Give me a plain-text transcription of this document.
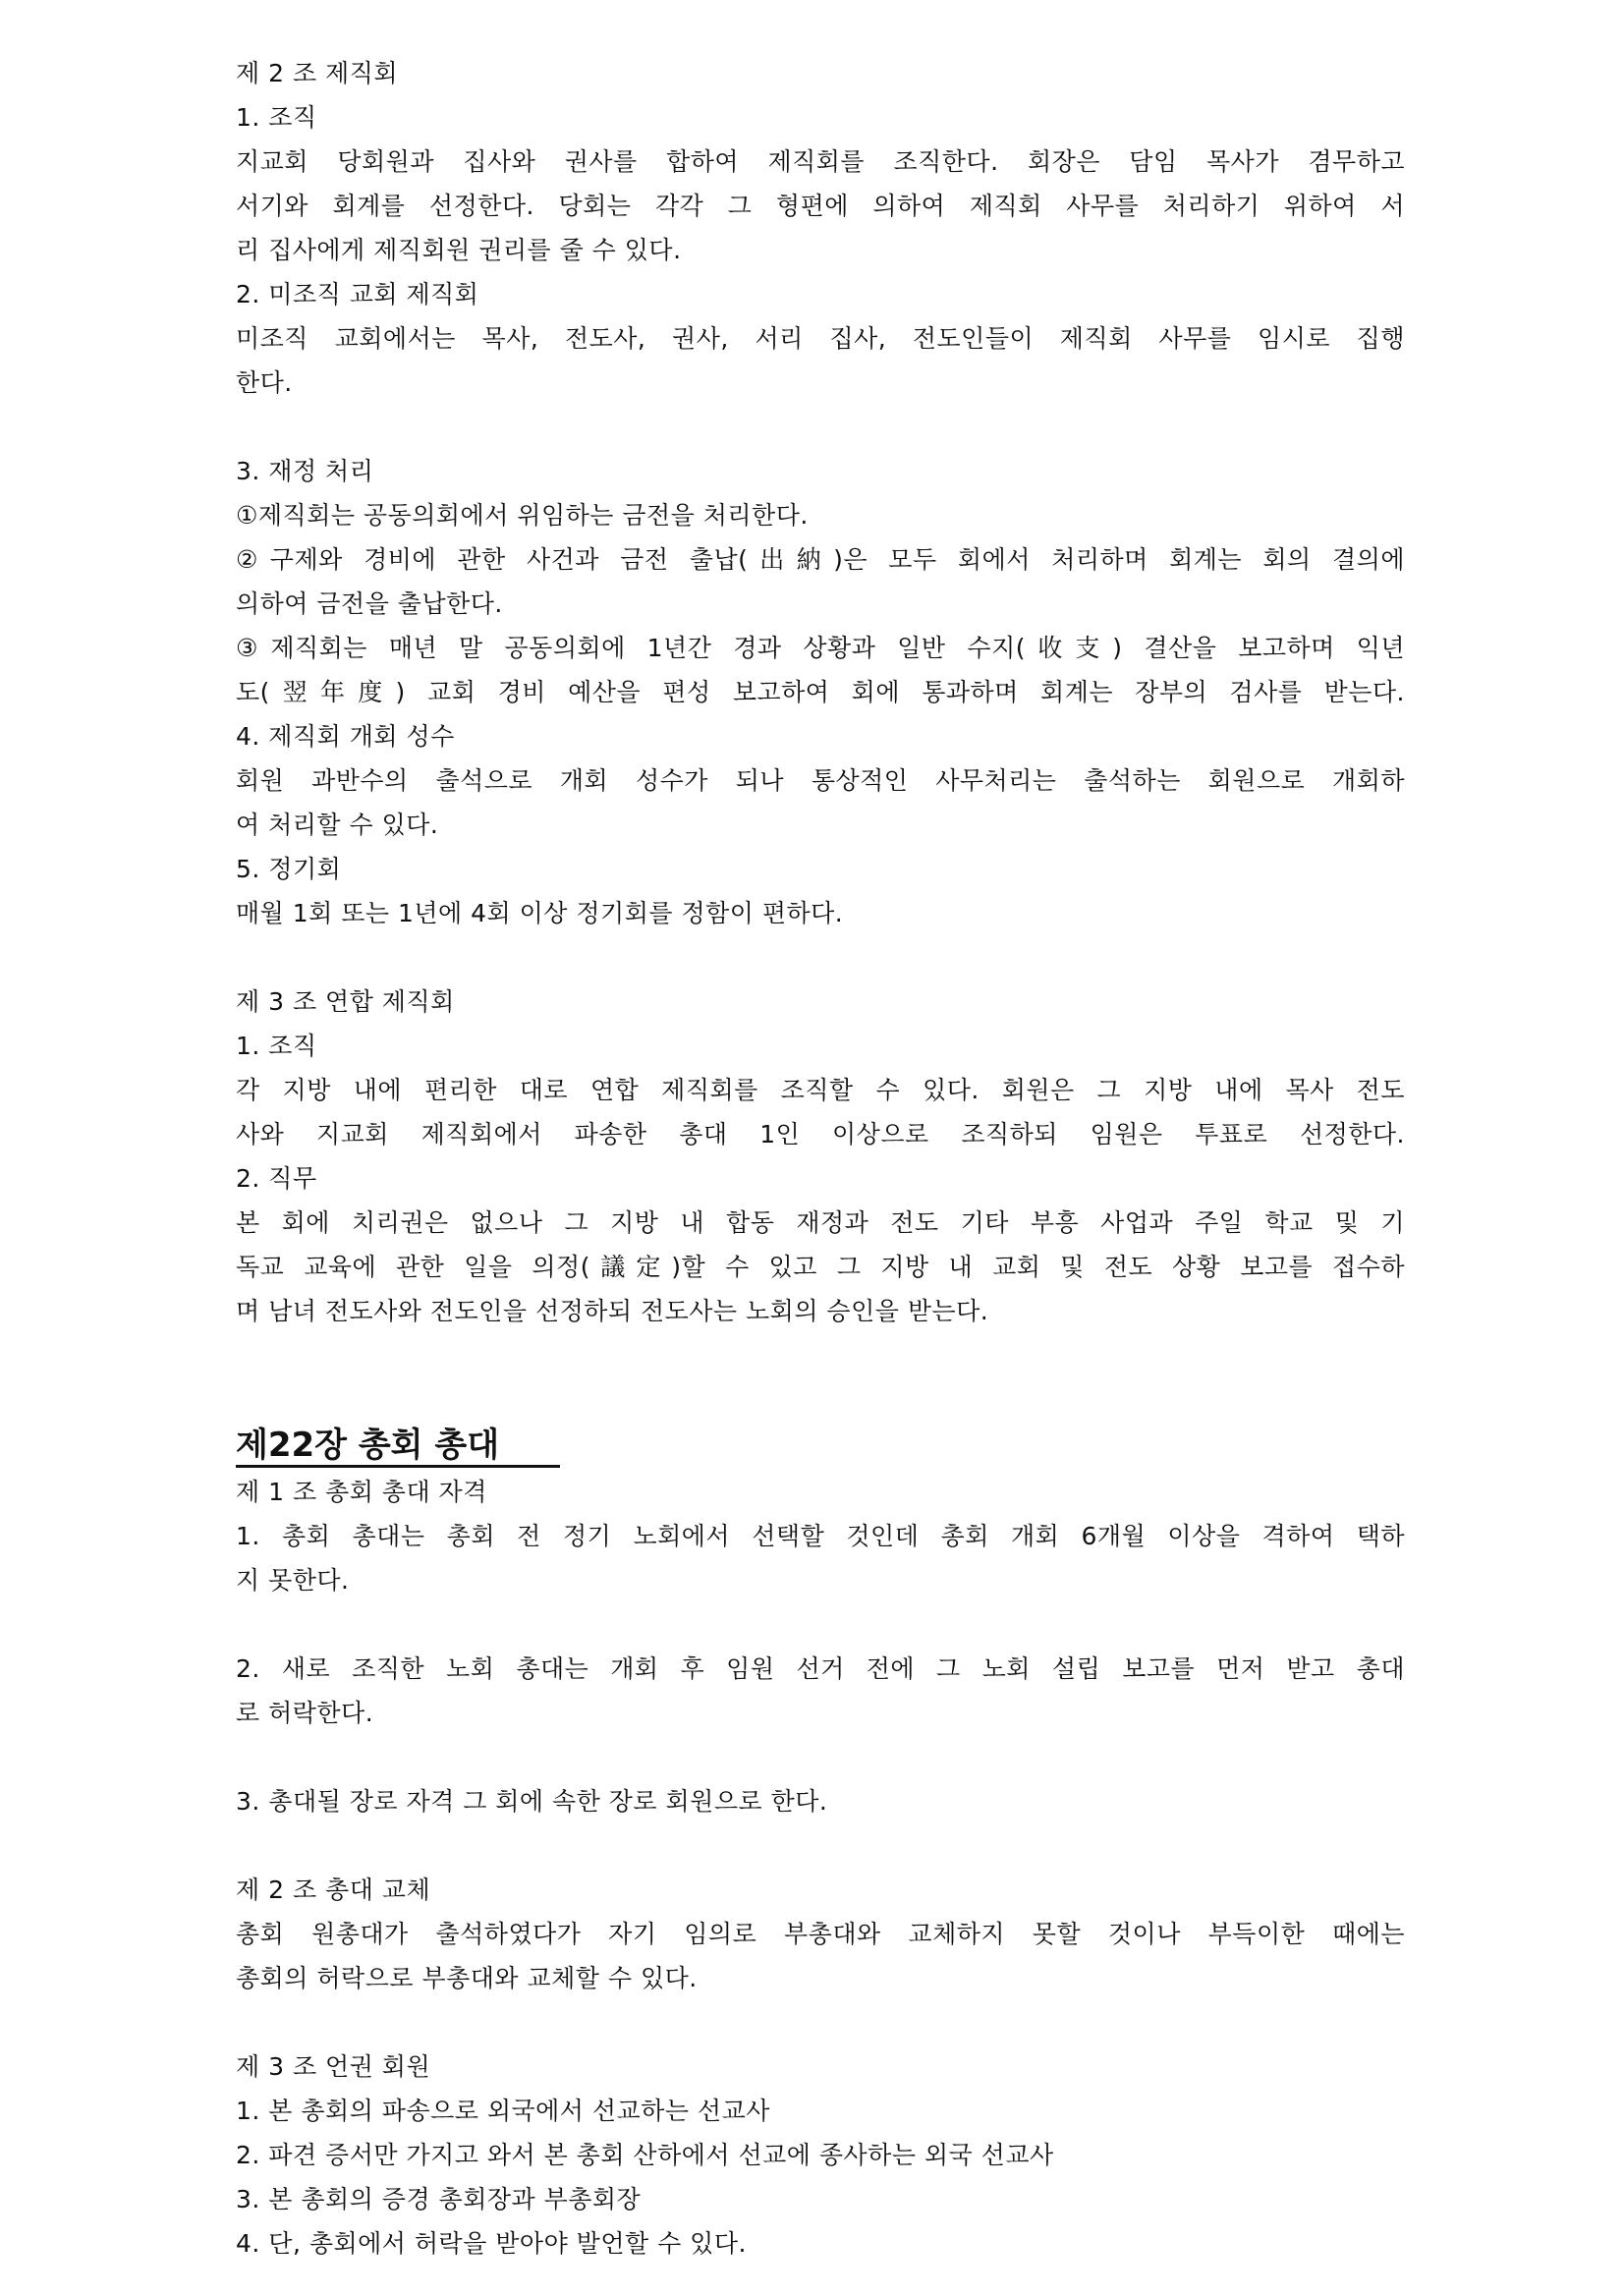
제 2 조 제직회
1. 조직
지교회 당회원과 집사와 권사를 합하여 제직회를 조직한다. 회장은 담임 목사가 겸무하고
서기와 회계를 선정한다. 당회는 각각 그 형편에 의하여 제직회 사무를 처리하기 위하여 서
리 집사에게 제직회원 권리를 줄 수 있다.
2. 미조직 교회 제직회
미조직 교회에서는 목사, 전도사, 권사, 서리 집사, 전도인들이 제직회 사무를 임시로 집행
한다.
3. 재정 처리
①제직회는 공동의회에서 위임하는 금전을 처리한다.
②구제와 경비에 관한 사건과 금전 출납(出納)은 모두 회에서 처리하며 회계는 회의 결의에
의하여 금전을 출납한다.
③제직회는 매년 말 공동의회에 1년간 경과 상황과 일반 수지(收支) 결산을 보고하며 익년
도(翌年度) 교회 경비 예산을 편성 보고하여 회에 통과하며 회계는 장부의 검사를 받는다.
4. 제직회 개회 성수
회원 과반수의 출석으로 개회 성수가 되나 통상적인 사무처리는 출석하는 회원으로 개회하
여 처리할 수 있다.
5. 정기회
매월 1회 또는 1년에 4회 이상 정기회를 정함이 편하다.
제 3 조 연합 제직회
1. 조직
각 지방 내에 편리한 대로 연합 제직회를 조직할 수 있다. 회원은 그 지방 내에 목사 전도
사와 지교회 제직회에서 파송한 총대 1인 이상으로 조직하되 임원은 투표로 선정한다.
2. 직무
본 회에 치리권은 없으나 그 지방 내 합동 재정과 전도 기타 부흥 사업과 주일 학교 및 기
독교 교육에 관한 일을 의정(議定)할 수 있고 그 지방 내 교회 및 전도 상황 보고를 접수하
며 남녀 전도사와 전도인을 선정하되 전도사는 노회의 승인을 받는다.
제22장 총회 총대
제 1 조 총회 총대 자격
1. 총회 총대는 총회 전 정기 노회에서 선택할 것인데 총회 개회 6개월 이상을 격하여 택하
지 못한다.
2. 새로 조직한 노회 총대는 개회 후 임원 선거 전에 그 노회 설립 보고를 먼저 받고 총대
로 허락한다.
3. 총대될 장로 자격 그 회에 속한 장로 회원으로 한다.
제 2 조 총대 교체
총회 원총대가 출석하였다가 자기 임의로 부총대와 교체하지 못할 것이나 부득이한 때에는
총회의 허락으로 부총대와 교체할 수 있다.
제 3 조 언권 회원
1. 본 총회의 파송으로 외국에서 선교하는 선교사
2. 파견 증서만 가지고 와서 본 총회 산하에서 선교에 종사하는 외국 선교사
3. 본 총회의 증경 총회장과 부총회장
4. 단, 총회에서 허락을 받아야 발언할 수 있다.
